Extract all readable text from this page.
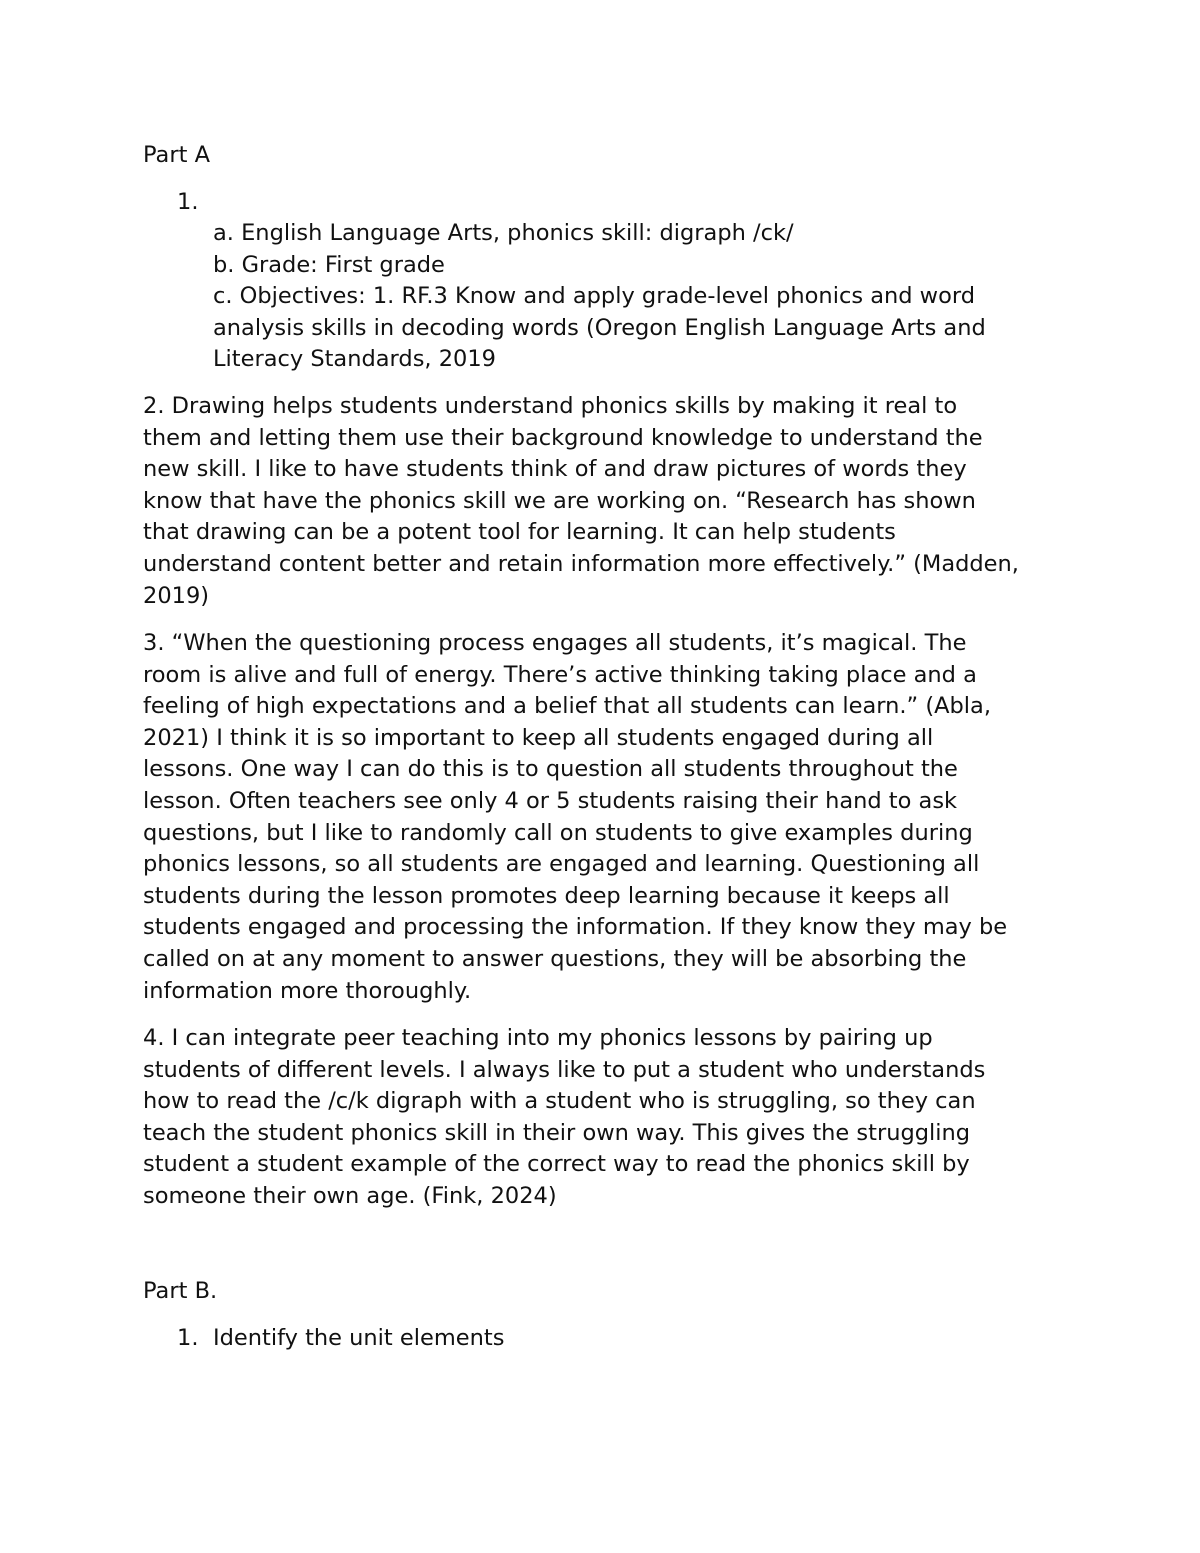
Part A

1.

a. English Language Arts, phonics skill: digraph /ck/

b. Grade: First grade

c. Objectives: 1. RF.3 Know and apply grade-level phonics and word
analysis skills in decoding words (Oregon English Language Arts and
Literacy Standards, 2019
2. Drawing helps students understand phonics skills by making it real to
them and letting them use their background knowledge to understand the
new skill. I like to have students think of and draw pictures of words they
know that have the phonics skill we are working on. “Research has shown
that drawing can be a potent tool for learning. It can help students
understand content better and retain information more effectively.” (Madden,
2019)
3. “When the questioning process engages all students, it’s magical. The
room is alive and full of energy. There’s active thinking taking place and a
feeling of high expectations and a belief that all students can learn.” (Abla,
2021) I think it is so important to keep all students engaged during all
lessons. One way I can do this is to question all students throughout the
lesson. Often teachers see only 4 or 5 students raising their hand to ask
questions, but I like to randomly call on students to give examples during
phonics lessons, so all students are engaged and learning. Questioning all
students during the lesson promotes deep learning because it keeps all
students engaged and processing the information. If they know they may be
called on at any moment to answer questions, they will be absorbing the
information more thoroughly.
4. I can integrate peer teaching into my phonics lessons by pairing up
students of different levels. I always like to put a student who understands
how to read the /c/k digraph with a student who is struggling, so they can
teach the student phonics skill in their own way. This gives the struggling
student a student example of the correct way to read the phonics skill by
someone their own age. (Fink, 2024)

Part B.

1. Identify the unit elements
